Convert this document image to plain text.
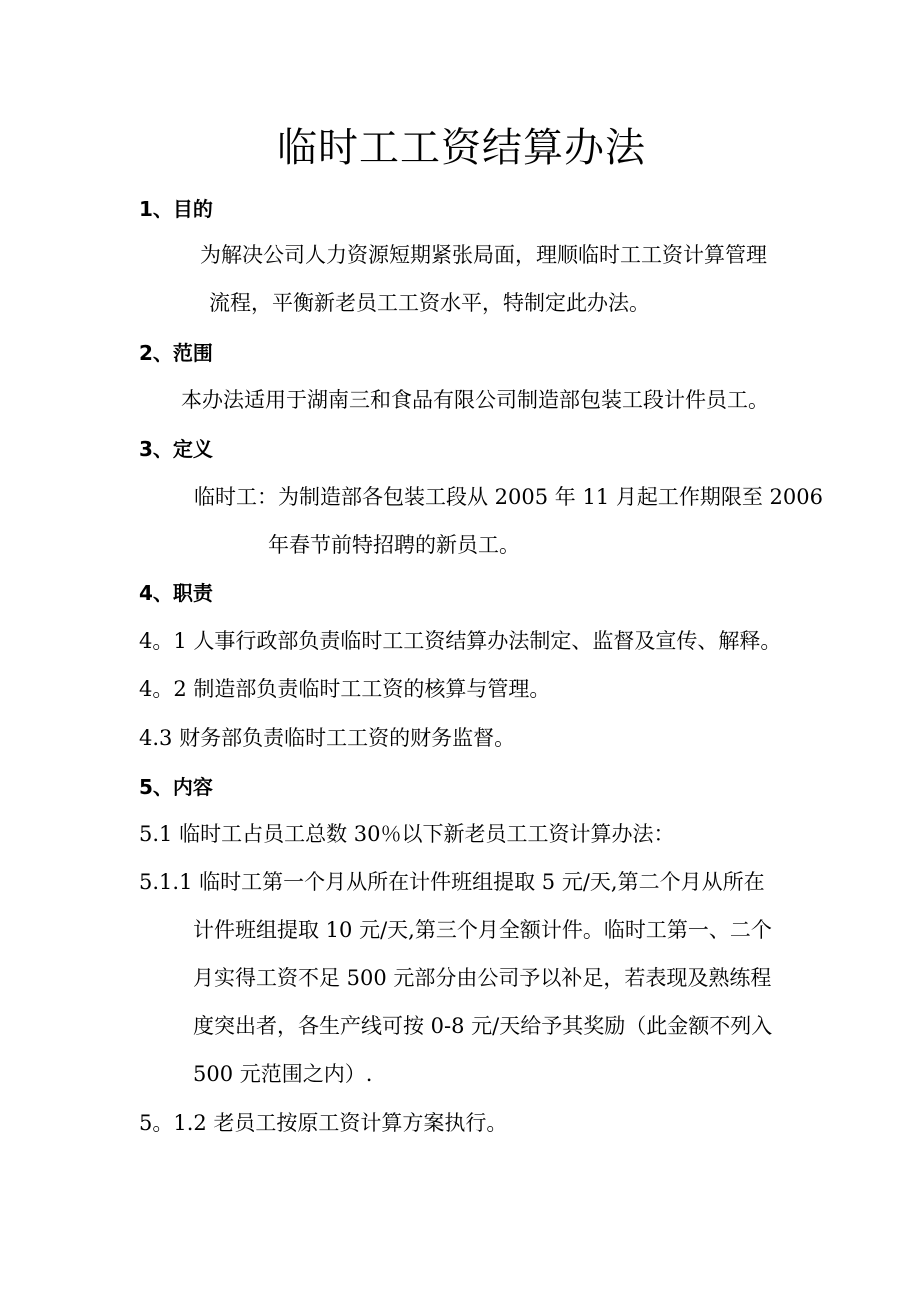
临时工工资结算办法
1、目的
为解决公司人力资源短期紧张局面，理顺临时工工资计算管理
流程，平衡新老员工工资水平，特制定此办法。
2、范围
本办法适用于湖南三和食品有限公司制造部包装工段计件员工。
3、定义
临时工：为制造部各包装工段从 2005 年 11 月起工作期限至 2006
年春节前特招聘的新员工。
4、职责
4。1 人事行政部负责临时工工资结算办法制定、监督及宣传、解释。
4。2 制造部负责临时工工资的核算与管理。
4.3 财务部负责临时工工资的财务监督。
5、内容
5.1 临时工占员工总数 30％以下新老员工工资计算办法：
5.1.1 临时工第一个月从所在计件班组提取 5 元/天,第二个月从所在
计件班组提取 10 元/天,第三个月全额计件。临时工第一、二个
月实得工资不足 500 元部分由公司予以补足，若表现及熟练程
度突出者，各生产线可按 0-8 元/天给予其奖励（此金额不列入
500 元范围之内）.
5。1.2 老员工按原工资计算方案执行。
